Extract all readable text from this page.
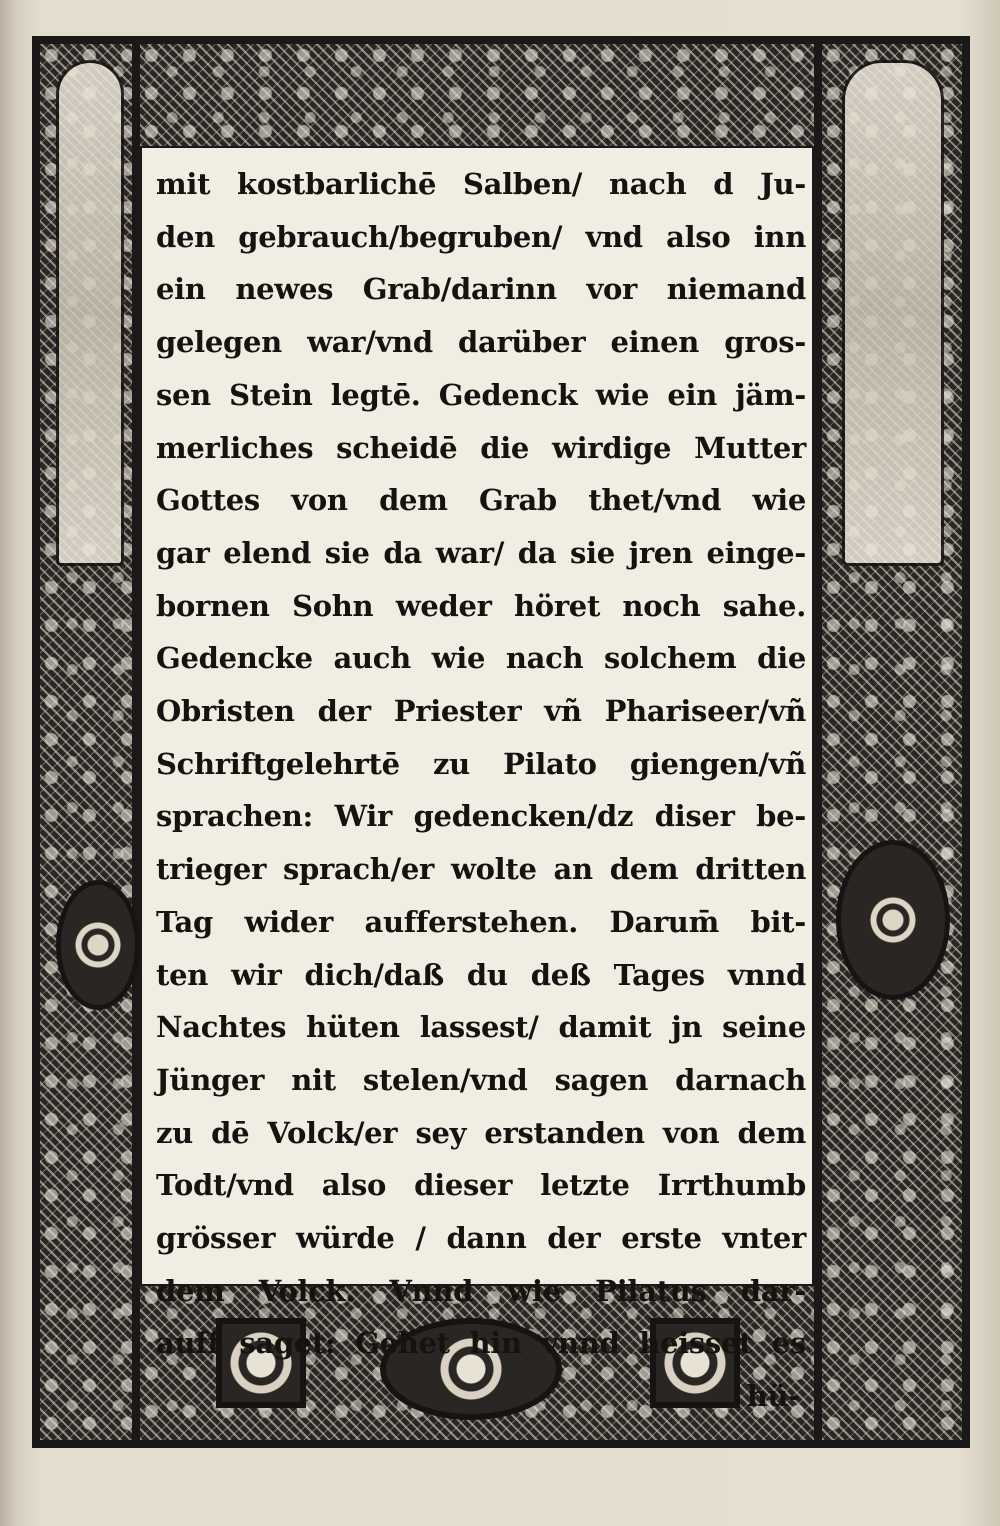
mit kostbarlichē Salben/ nach d Ju-
den gebrauch/begruben/ vnd also inn
ein newes Grab/darinn vor niemand
gelegen war/vnd darüber einen gros-
sen Stein legtē. Gedenck wie ein jäm-
merliches scheidē die wirdige Mutter
Gottes von dem Grab thet/vnd wie
gar elend sie da war/ da sie jren einge-
bornen Sohn weder höret noch sahe.
Gedencke auch wie nach solchem die
Obristen der Priester vñ Phariseer/vñ
Schriftgelehrtē zu Pilato giengen/vñ
sprachen: Wir gedencken/dz diser be-
trieger sprach/er wolte an dem dritten
Tag wider aufferstehen. Darum̄ bit-
ten wir dich/daß du deß Tages vnnd
Nachtes hüten lassest/ damit jn seine
Jünger nit stelen/vnd sagen darnach
zu dē Volck/er sey erstanden von dem
Todt/vnd also dieser letzte Irrthumb
grösser würde / dann der erste vnter
dem Volck. Vnnd wie Pilatus dar-
auff saget: Gehet hin vnnd heisset es
hü-
